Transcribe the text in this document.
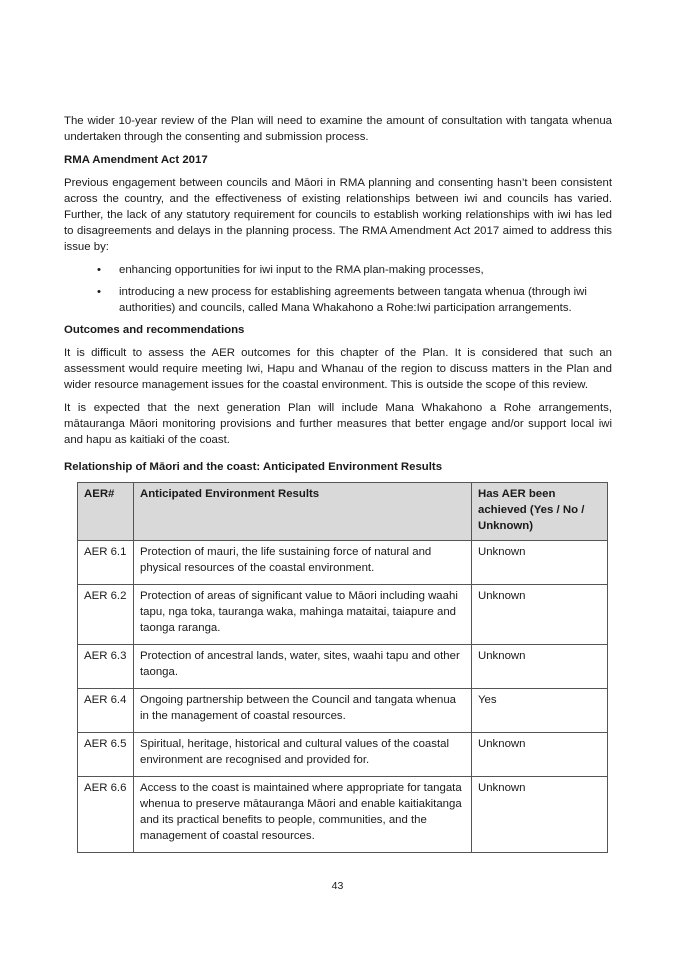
The wider 10-year review of the Plan will need to examine the amount of consultation with tangata whenua undertaken through the consenting and submission process.

RMA Amendment Act 2017

Previous engagement between councils and Māori in RMA planning and consenting hasn’t been consistent across the country, and the effectiveness of existing relationships between iwi and councils has varied. Further, the lack of any statutory requirement for councils to establish working relationships with iwi has led to disagreements and delays in the planning process. The RMA Amendment Act 2017 aimed to address this issue by:

• enhancing opportunities for iwi input to the RMA plan-making processes,
• introducing a new process for establishing agreements between tangata whenua (through iwi authorities) and councils, called Mana Whakahono a Rohe:Iwi participation arrangements.
Outcomes and recommendations

It is difficult to assess the AER outcomes for this chapter of the Plan. It is considered that such an assessment would require meeting Iwi, Hapu and Whanau of the region to discuss matters in the Plan and wider resource management issues for the coastal environment. This is outside the scope of this review.

It is expected that the next generation Plan will include Mana Whakahono a Rohe arrangements, mātauranga Māori monitoring provisions and further measures that better engage and/or support local iwi and hapu as kaitiaki of the coast.

Relationship of Māori and the coast: Anticipated Environment Results
AER#	Anticipated Environment Results	Has AER been achieved (Yes / No / Unknown)
AER 6.1	Protection of mauri, the life sustaining force of natural and physical resources of the coastal environment.	Unknown
AER 6.2	Protection of areas of significant value to Māori including waahi tapu, nga toka, tauranga waka, mahinga mataitai, taiapure and taonga raranga.	Unknown
AER 6.3	Protection of ancestral lands, water, sites, waahi tapu and other taonga.	Unknown
AER 6.4	Ongoing partnership between the Council and tangata whenua in the management of coastal resources.	Yes
AER 6.5	Spiritual, heritage, historical and cultural values of the coastal environment are recognised and provided for.	Unknown
AER 6.6	Access to the coast is maintained where appropriate for tangata whenua to preserve mātauranga Māori and enable kaitiakitanga and its practical benefits to people, communities, and the management of coastal resources.	Unknown
43
